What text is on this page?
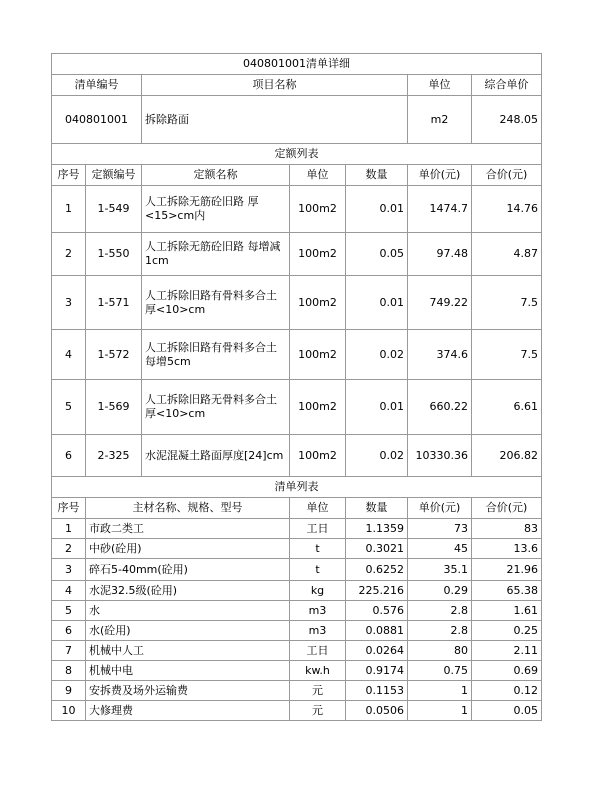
040801001清单详细						
清单编号		项目名称			单位	综合单价
040801001		拆除路面			m2	248.05
定额列表						
序号	定额编号	定额名称	单位	数量	单价(元)	合价(元)
1	1-549	人工拆除无筋砼旧路 厚<15>cm内	100m2	0.01	1474.7	14.76
2	1-550	人工拆除无筋砼旧路 每增减1cm	100m2	0.05	97.48	4.87
3	1-571	人工拆除旧路有骨料多合土厚<10>cm	100m2	0.01	749.22	7.5
4	1-572	人工拆除旧路有骨料多合土每增5cm	100m2	0.02	374.6	7.5
5	1-569	人工拆除旧路无骨料多合土厚<10>cm	100m2	0.01	660.22	6.61
6	2-325	水泥混凝土路面厚度[24]cm	100m2	0.02	10330.36	206.82
清单列表						
序号	主材名称、规格、型号		单位	数量	单价(元)	合价(元)
1	市政二类工		工日	1.1359	73	83
2	中砂(砼用)		t	0.3021	45	13.6
3	碎石5-40mm(砼用)		t	0.6252	35.1	21.96
4	水泥32.5级(砼用)		kg	225.216	0.29	65.38
5	水		m3	0.576	2.8	1.61
6	水(砼用)		m3	0.0881	2.8	0.25
7	机械中人工		工日	0.0264	80	2.11
8	机械中电		kw.h	0.9174	0.75	0.69
9	安拆费及场外运输费		元	0.1153	1	0.12
10	大修理费		元	0.0506	1	0.05
